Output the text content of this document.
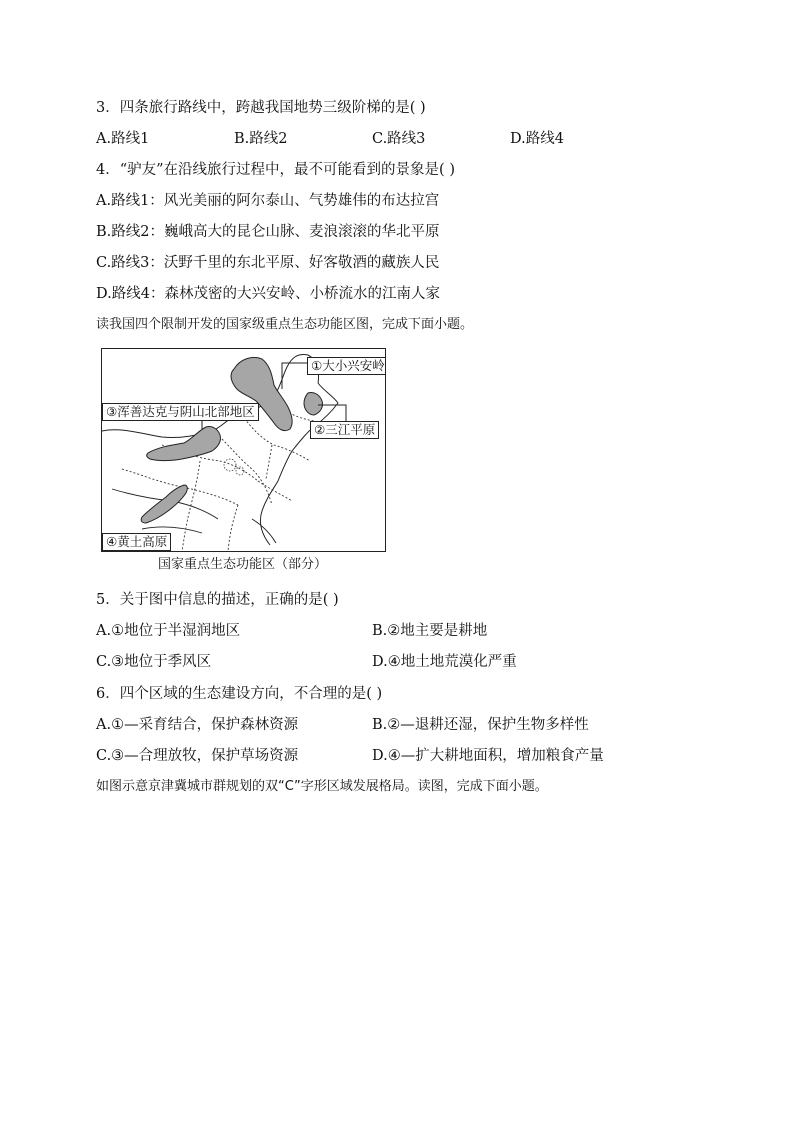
3．四条旅行路线中，跨越我国地势三级阶梯的是( )
A.路线1	B.路线2	C.路线3	D.路线4
4．“驴友”在沿线旅行过程中，最不可能看到的景象是( )
A.路线1：风光美丽的阿尔泰山、气势雄伟的布达拉宫
B.路线2：巍峨高大的昆仑山脉、麦浪滚滚的华北平原
C.路线3：沃野千里的东北平原、好客敬酒的藏族人民
D.路线4：森林茂密的大兴安岭、小桥流水的江南人家
读我国四个限制开发的国家级重点生态功能区图，完成下面小题。
①大小兴安岭
②三江平原
③浑善达克与阴山北部地区
④黄土高原
国家重点生态功能区（部分）
5．关于图中信息的描述，正确的是( )
A.①地位于半湿润地区	B.②地主要是耕地
C.③地位于季风区	D.④地土地荒漠化严重
6．四个区域的生态建设方向，不合理的是( )
A.①—采育结合，保护森林资源	B.②—退耕还湿，保护生物多样性
C.③—合理放牧，保护草场资源	D.④—扩大耕地面积，增加粮食产量
如图示意京津冀城市群规划的双“C”字形区域发展格局。读图，完成下面小题。
